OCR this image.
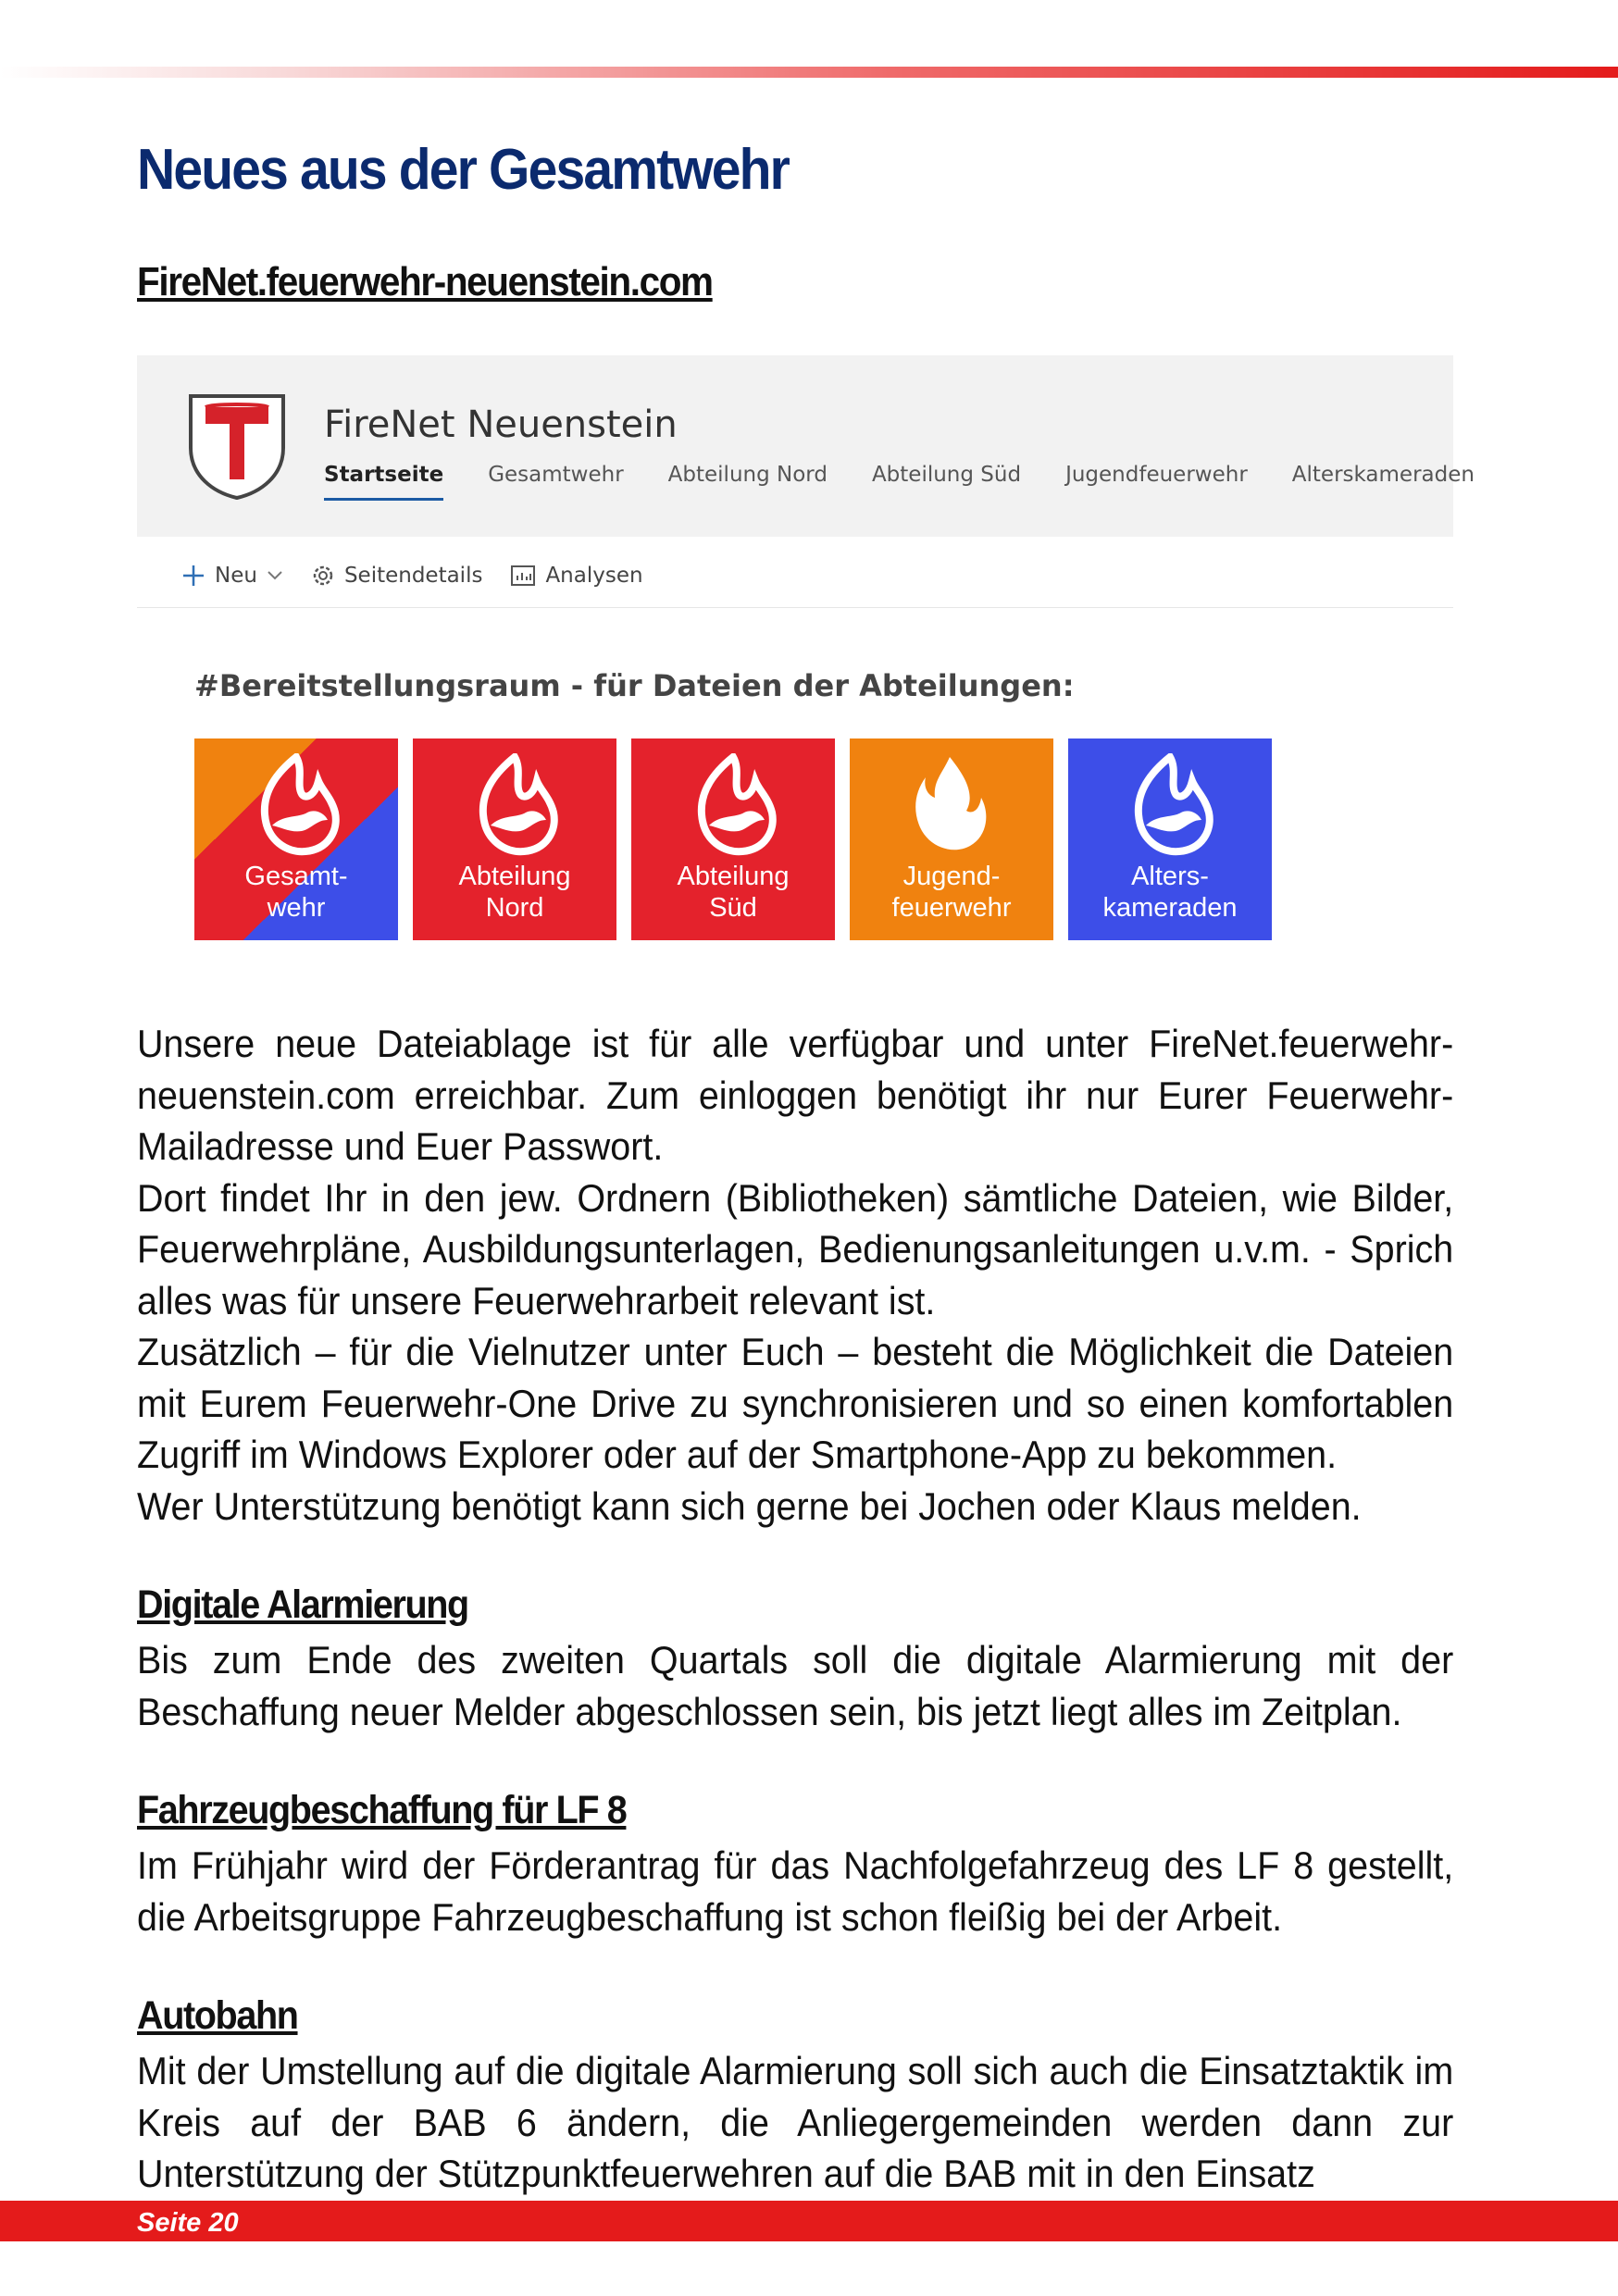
Neues aus der Gesamtwehr
FireNet.feuerwehr-neuenstein.com
FireNet Neuenstein
Startseite Gesamtwehr Abteilung Nord Abteilung Süd Jugendfeuerwehr Alterskameraden
Neu	Seitendetails	Analysen
#Bereitstellungsraum - für Dateien der Abteilungen:
Gesamt-
wehr
Abteilung
Nord
Abteilung
Süd
Jugend-
feuerwehr
Alters-
kameraden

Unsere neue Dateiablage ist für alle verfügbar und unter FireNet.feuerwehr-neuenstein.com erreichbar. Zum einloggen benötigt ihr nur Eurer Feuerwehr-Mailadresse und Euer Passwort.

Dort findet Ihr in den jew. Ordnern (Bibliotheken) sämtliche Dateien, wie Bilder, Feuerwehrpläne, Ausbildungsunterlagen, Bedienungsanleitungen u.v.m. - Sprich alles was für unsere Feuerwehrarbeit relevant ist.

Zusätzlich – für die Vielnutzer unter Euch – besteht die Möglichkeit die Dateien mit Eurem Feuerwehr-One Drive zu synchronisieren und so einen komfortablen Zugriff im Windows Explorer oder auf der Smartphone-App zu bekommen.

Wer Unterstützung benötigt kann sich gerne bei Jochen oder Klaus melden.

Digitale Alarmierung

Bis zum Ende des zweiten Quartals soll die digitale Alarmierung mit der Beschaffung neuer Melder abgeschlossen sein, bis jetzt liegt alles im Zeitplan.

Fahrzeugbeschaffung für LF 8

Im Frühjahr wird der Förderantrag für das Nachfolgefahrzeug des LF 8 gestellt, die Arbeitsgruppe Fahrzeugbeschaffung ist schon fleißig bei der Arbeit.

Autobahn

Mit der Umstellung auf die digitale Alarmierung soll sich auch die Einsatztaktik im Kreis auf der BAB 6 ändern, die Anliegergemeinden werden dann zur Unterstützung der Stützpunktfeuerwehren auf die BAB mit in den Einsatz

Seite 20
